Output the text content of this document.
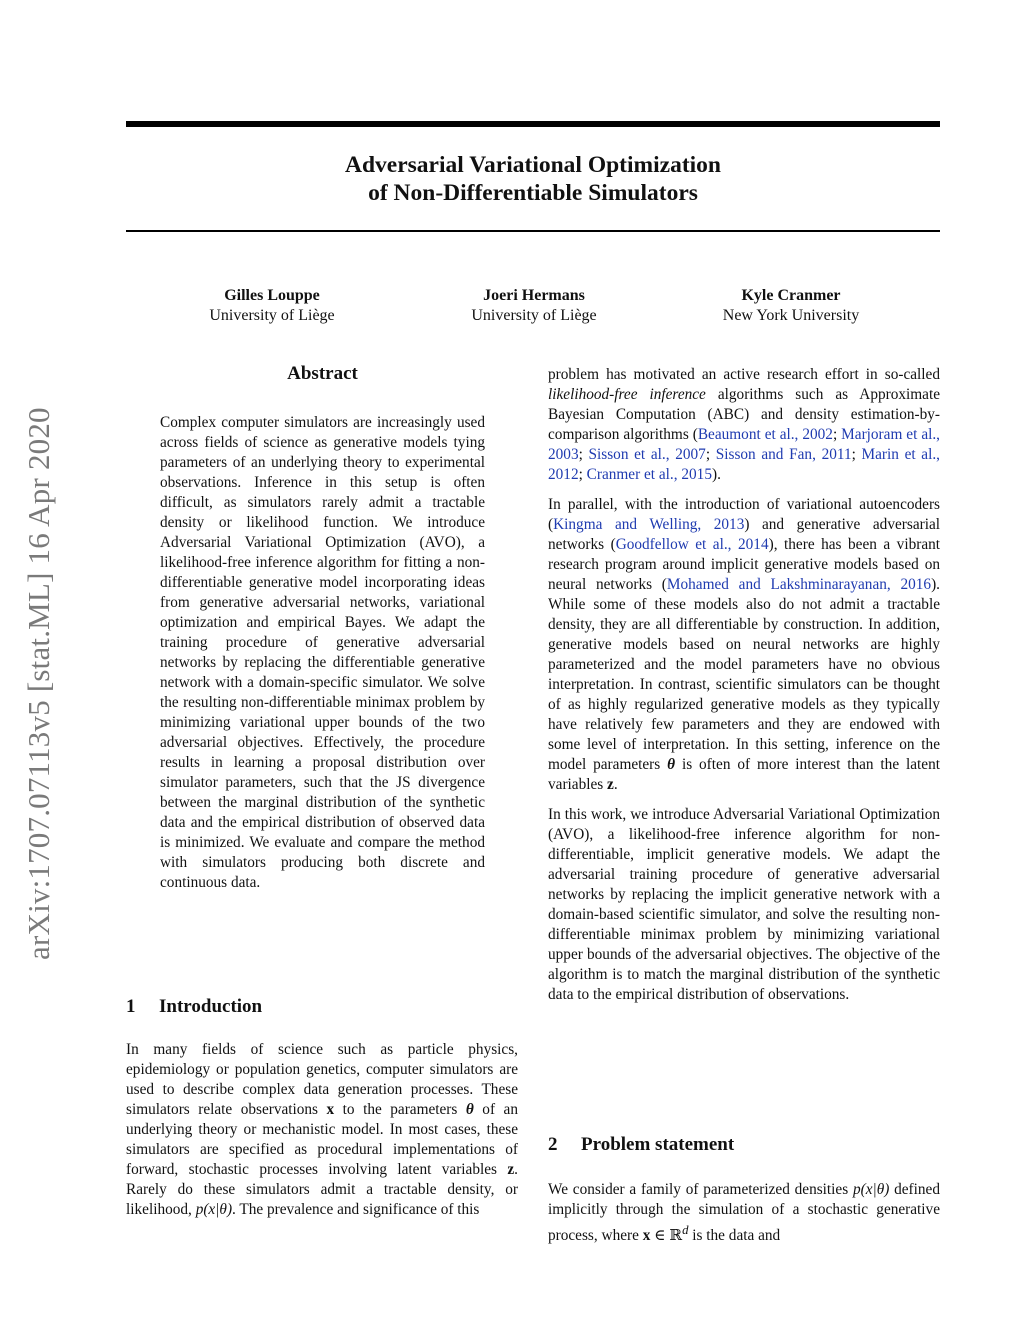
arXiv:1707.07113v5 [stat.ML] 16 Apr 2020
Adversarial Variational Optimization
of Non-Differentiable Simulators
Gilles Louppe
University of Liège
Joeri Hermans
University of Liège
Kyle Cranmer
New York University
Abstract
Complex computer simulators are increasingly used across fields of science as generative models tying parameters of an underlying theory to experimental observations. Inference in this setup is often difficult, as simulators rarely admit a tractable density or likelihood function. We introduce Adversarial Variational Optimization (AVO), a likelihood-free inference algorithm for fitting a non-differentiable generative model incorporating ideas from generative adversarial networks, variational optimization and empirical Bayes. We adapt the training procedure of generative adversarial networks by replacing the differentiable generative network with a domain-specific simulator. We solve the resulting non-differentiable minimax problem by minimizing variational upper bounds of the two adversarial objectives. Effectively, the procedure results in learning a proposal distribution over simulator parameters, such that the JS divergence between the marginal distribution of the synthetic data and the empirical distribution of observed data is minimized. We evaluate and compare the method with simulators producing both discrete and continuous data.
1 Introduction

In many fields of science such as particle physics, epidemiology or population genetics, computer simulators are used to describe complex data generation processes. These simulators relate observations x to the parameters θ of an underlying theory or mechanistic model. In most cases, these simulators are specified as procedural implementations of forward, stochastic processes involving latent variables z. Rarely do these simulators admit a tractable density, or likelihood, p(x|θ). The prevalence and significance of this

problem has motivated an active research effort in so-called likelihood-free inference algorithms such as Approximate Bayesian Computation (ABC) and density estimation-by-comparison algorithms (Beaumont et al., 2002; Marjoram et al., 2003; Sisson et al., 2007; Sisson and Fan, 2011; Marin et al., 2012; Cranmer et al., 2015).

In parallel, with the introduction of variational autoencoders (Kingma and Welling, 2013) and generative adversarial networks (Goodfellow et al., 2014), there has been a vibrant research program around implicit generative models based on neural networks (Mohamed and Lakshminarayanan, 2016). While some of these models also do not admit a tractable density, they are all differentiable by construction. In addition, generative models based on neural networks are highly parameterized and the model parameters have no obvious interpretation. In contrast, scientific simulators can be thought of as highly regularized generative models as they typically have relatively few parameters and they are endowed with some level of interpretation. In this setting, inference on the model parameters θ is often of more interest than the latent variables z.

In this work, we introduce Adversarial Variational Optimization (AVO), a likelihood-free inference algorithm for non-differentiable, implicit generative models. We adapt the adversarial training procedure of generative adversarial networks by replacing the implicit generative network with a domain-based scientific simulator, and solve the resulting non-differentiable minimax problem by minimizing variational upper bounds of the adversarial objectives. The objective of the algorithm is to match the marginal distribution of the synthetic data to the empirical distribution of observations.

2 Problem statement

We consider a family of parameterized densities p(x|θ) defined implicitly through the simulation of a stochastic generative process, where x ∈ ℝ$^d$ is the data and
